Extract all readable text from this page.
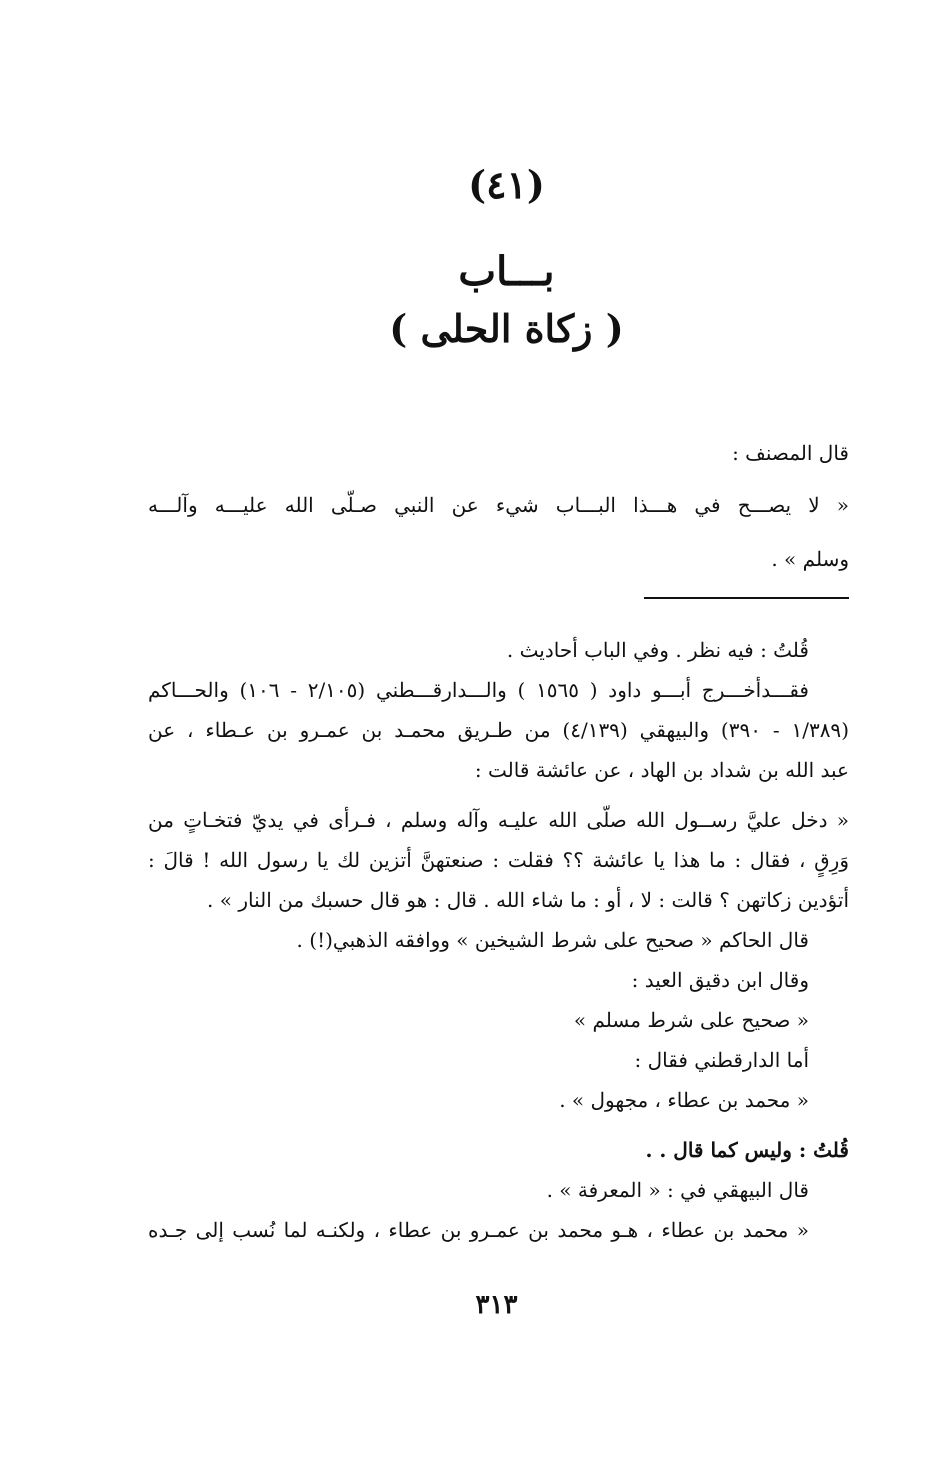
(٤١)
بـــاب
( زكاة الحلى )
قال المصنف :
« لا يصـــح في هـــذا البـــاب شيء عن النبي صـلّى الله عليـــه وآلـــه
وسلم » .
قُلتُ : فيه نظر . وفي الباب أحاديث .
فقـــدأخـــرج أبـــو داود ( ١٥٦٥ ) والـــدارقـــطني (٢/١٠٥ - ١٠٦) والحـــاكم
(١/٣٨٩ - ٣٩٠) والبيهقي (٤/١٣٩) من طـريق محمـد بن عمـرو بن عـطاء ، عن
عبد الله بن شداد بن الهاد ، عن عائشة قالت :
« دخل عليَّ رســول الله صلّى الله عليـه وآله وسلم ، فـرأى في يديّ فتخـاتٍ من
وَرِقٍ ، فقال : ما هذا يا عائشة ؟؟ فقلت : صنعتهنَّ أتزين لك يا رسول الله ! قالَ :
أتؤدين زكاتهن ؟ قالت : لا ، أو : ما شاء الله . قال : هو قال حسبك من النار » .
قال الحاكم « صحيح على شرط الشيخين » ووافقه الذهبي(!) .
وقال ابن دقيق العيد :
« صحيح على شرط مسلم »
أما الدارقطني فقال :
« محمد بن عطاء ، مجهول » .
قُلتُ : وليس كما قال . .
قال البيهقي في : « المعرفة » .
« محمد بن عطاء ، هـو محمد بن عمـرو بن عطاء ، ولكنـه لما نُسب إلى جـده
٣١٣
